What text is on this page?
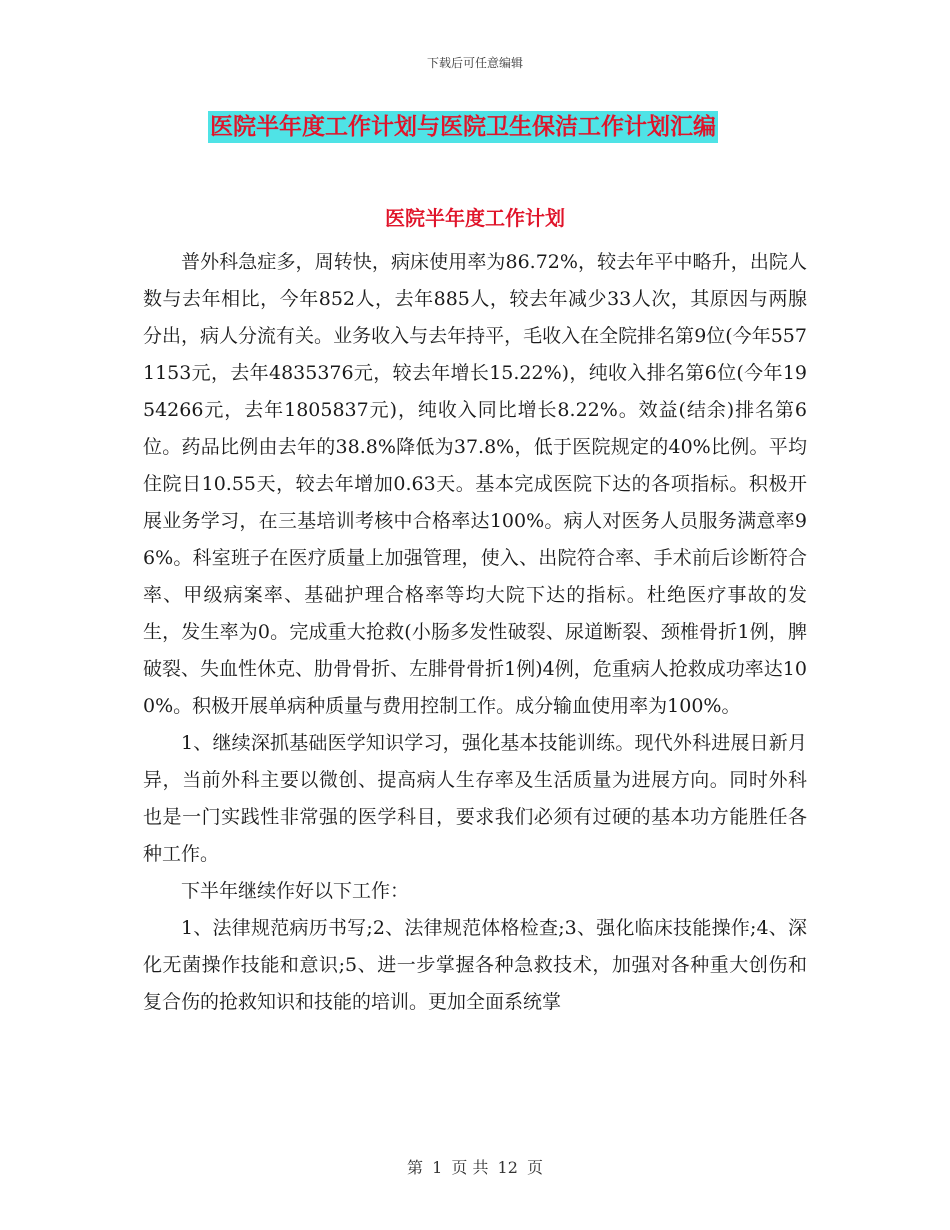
下载后可任意编辑
医院半年度工作计划与医院卫生保洁工作计划汇编
医院半年度工作计划

普外科急症多，周转快，病床使用率为86.72%，较去年平中略升，出院人数与去年相比，今年852人，去年885人，较去年减少33人次，其原因与两腺分出，病人分流有关。业务收入与去年持平，毛收入在全院排名第9位(今年5571153元，去年4835376元，较去年增长15.22%)，纯收入排名第6位(今年1954266元，去年1805837元)，纯收入同比增长8.22%。效益(结余)排名第6位。药品比例由去年的38.8%降低为37.8%，低于医院规定的40%比例。平均住院日10.55天，较去年增加0.63天。基本完成医院下达的各项指标。积极开展业务学习，在三基培训考核中合格率达100%。病人对医务人员服务满意率96%。科室班子在医疗质量上加强管理，使入、出院符合率、手术前后诊断符合率、甲级病案率、基础护理合格率等均大院下达的指标。杜绝医疗事故的发生，发生率为0。完成重大抢救(小肠多发性破裂、尿道断裂、颈椎骨折1例，脾破裂、失血性休克、肋骨骨折、左腓骨骨折1例)4例，危重病人抢救成功率达100%。积极开展单病种质量与费用控制工作。成分输血使用率为100%。

1、继续深抓基础医学知识学习，强化基本技能训练。现代外科进展日新月异，当前外科主要以微创、提高病人生存率及生活质量为进展方向。同时外科也是一门实践性非常强的医学科目，要求我们必须有过硬的基本功方能胜任各种工作。

下半年继续作好以下工作：

1、法律规范病历书写;2、法律规范体格检查;3、强化临床技能操作;4、深化无菌操作技能和意识;5、进一步掌握各种急救技术，加强对各种重大创伤和复合伤的抢救知识和技能的培训。更加全面系统掌

第 1 页 共 12 页
